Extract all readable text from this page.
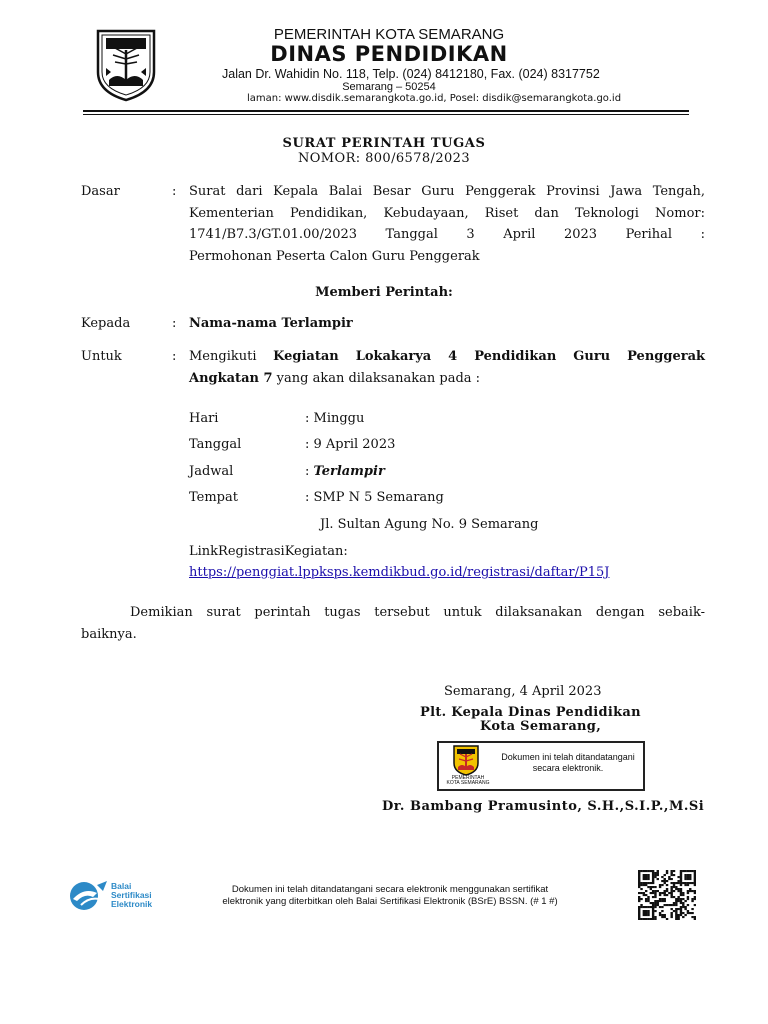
PEMERINTAH KOTA SEMARANG
DINAS PENDIDIKAN
Jalan Dr. Wahidin No. 118, Telp. (024) 8412180, Fax. (024) 8317752
Semarang – 50254
laman: www.disdik.semarangkota.go.id, Posel: disdik@semarangkota.go.id
SURAT PERINTAH TUGAS
NOMOR: 800/6578/2023
Dasar	: Surat dari Kepala Balai Besar Guru Penggerak Provinsi Jawa Tengah,
Kementerian Pendidikan, Kebudayaan, Riset dan Teknologi Nomor:
1741/B7.3/GT.01.00/2023 Tanggal 3 April 2023 Perihal :
Permohonan Peserta Calon Guru Penggerak
Memberi Perintah:
Kepada	: Nama-nama Terlampir
Untuk	: Mengikuti Kegiatan Lokakarya 4 Pendidikan Guru Penggerak
Angkatan 7 yang akan dilaksanakan pada :
Hari	: Minggu
Tanggal	: 9 April 2023
Jadwal	: Terlampir
Tempat	: SMP N 5 Semarang
Jl. Sultan Agung No. 9 Semarang
LinkRegistrasiKegiatan:
https://penggiat.lppksps.kemdikbud.go.id/registrasi/daftar/P15J
Demikian surat perintah tugas tersebut untuk dilaksanakan dengan sebaik-
baiknya.
Semarang, 4 April 2023
Plt. Kepala Dinas Pendidikan
Kota Semarang,
PEMERINTAH
KOTA SEMARANG
Dokumen ini telah ditandatangani
secara elektronik.
Dr. Bambang Pramusinto, S.H.,S.I.P.,M.Si
Balai
Sertifikasi
Elektronik
Dokumen ini telah ditandatangani secara elektronik menggunakan sertifikat
elektronik yang diterbitkan oleh Balai Sertifikasi Elektronik (BSrE) BSSN. (# 1 #)
